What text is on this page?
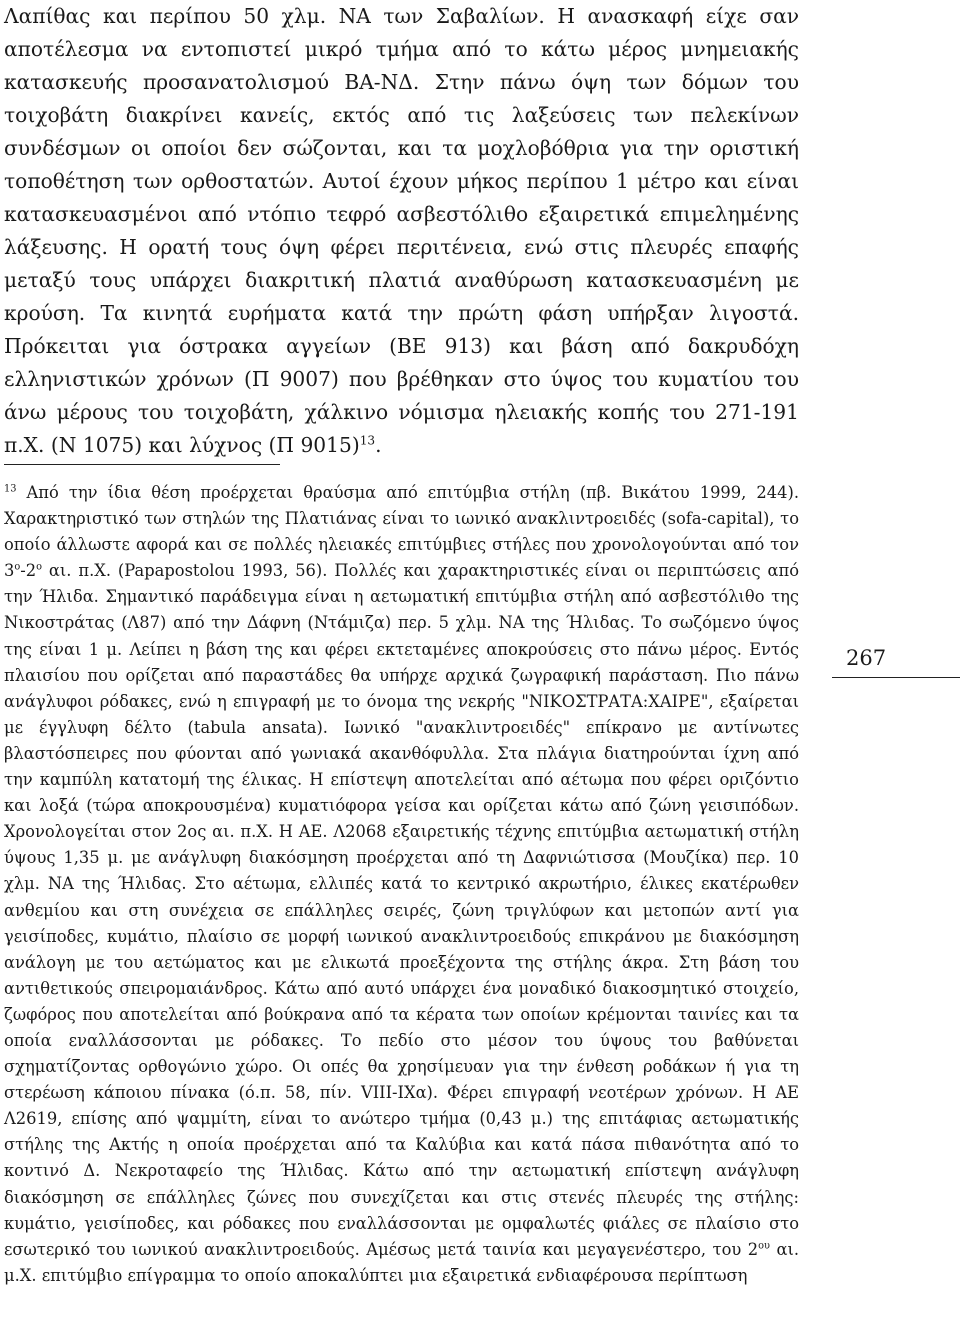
Λαπίθας και περίπου 50 χλμ. ΝΑ των Σαβαλίων. Η ανασκαφή είχε σαν αποτέλεσμα να εντοπιστεί μικρό τμήμα από το κάτω μέρος μνημειακής κατασκευής προσανατολισμού ΒΑ-ΝΔ. Στην πάνω όψη των δόμων του τοιχοβάτη διακρίνει κανείς, εκτός από τις λαξεύσεις των πελεκίνων συνδέσμων οι οποίοι δεν σώζονται, και τα μοχλοβόθρια για την οριστική τοποθέτηση των ορθοστατών. Αυτοί έχουν μήκος περίπου 1 μέτρο και είναι κατασκευασμένοι από ντόπιο τεφρό ασβεστόλιθο εξαιρετικά επιμελημένης λάξευσης. Η ορατή τους όψη φέρει περιτένεια, ενώ στις πλευρές επαφής μεταξύ τους υπάρχει διακριτική πλατιά αναθύρωση κατασκευασμένη με κρούση. Τα κινητά ευρήματα κατά την πρώτη φάση υπήρξαν λιγοστά. Πρόκειται για όστρακα αγγείων (ΒΕ 913) και βάση από δακρυδόχη ελληνιστικών χρόνων (Π 9007) που βρέθηκαν στο ύψος του κυματίου του άνω μέρους του τοιχοβάτη, χάλκινο νόμισμα ηλειακής κοπής του 271-191 π.Χ. (Ν 1075) και λύχνος (Π 9015)$^{13}$.

$^{13}$ Από την ίδια θέση προέρχεται θραύσμα από επιτύμβια στήλη (πβ. Βικάτου 1999, 244). Χαρακτηριστικό των στηλών της Πλατιάνας είναι το ιωνικό ανακλιντροειδές (sofa-capital), το οποίο άλλωστε αφορά και σε πολλές ηλειακές επιτύμβιες στήλες που χρονολογούνται από τον $3^o-2^o$ αι. π.Χ. (Papapostolou 1993, 56). Πολλές και χαρακτηριστικές είναι οι περιπτώσεις από την Ήλιδα. Σημαντικό παράδειγμα είναι η αετωματική επιτύμβια στήλη από ασβεστόλιθο της Νικοστράτας (Λ87) από την Δάφνη (Ντάμιζα) περ. 5 χλμ. ΝΑ της Ήλιδας. Το σωζόμενο ύψος της είναι 1 μ. Λείπει η βάση της και φέρει εκτεταμένες αποκρούσεις στο πάνω μέρος. Εντός πλαισίου που ορίζεται από παραστάδες θα υπήρχε αρχικά ζωγραφική παράσταση. Πιο πάνω ανάγλυφοι ρόδακες, ενώ η επιγραφή με το όνομα της νεκρής "ΝΙΚΟΣΤΡΑΤΑ:ΧΑΙΡΕ", εξαίρεται με έγγλυφη δέλτο (tabula ansata). Ιωνικό "ανακλιντροειδές" επίκρανο με αντίνωτες βλαστόσπειρες που φύονται από γωνιακά ακανθόφυλλα. Στα πλάγια διατηρούνται ίχνη από την καμπύλη κατατομή της έλικας. Η επίστεψη αποτελείται από αέτωμα που φέρει οριζόντιο και λοξά (τώρα αποκρουσμένα) κυματιόφορα γείσα και ορίζεται κάτω από ζώνη γεισιπόδων. Χρονολογείται στον 2ος αι. π.Χ. Η ΑΕ. Λ2068 εξαιρετικής τέχνης επιτύμβια αετωματική στήλη ύψους 1,35 μ. με ανάγλυφη διακόσμηση προέρχεται από τη Δαφνιώτισσα (Μουζίκα) περ. 10 χλμ. ΝΑ της Ήλιδας. Στο αέτωμα, ελλιπές κατά το κεντρικό ακρωτήριο, έλικες εκατέρωθεν ανθεμίου και στη συνέχεια σε επάλληλες σειρές, ζώνη τριγλύφων και μετοπών αντί για γεισίποδες, κυμάτιο, πλαίσιο σε μορφή ιωνικού ανακλιντροειδούς επικράνου με διακόσμηση ανάλογη με του αετώματος και με ελικωτά προεξέχοντα της στήλης άκρα. Στη βάση του αντιθετικούς σπειρομαιάνδρος. Κάτω από αυτό υπάρχει ένα μοναδικό διακοσμητικό στοιχείο, ζωφόρος που αποτελείται από βούκρανα από τα κέρατα των οποίων κρέμονται ταινίες και τα οποία εναλλάσσονται με ρόδακες. Το πεδίο στο μέσον του ύψους του βαθύνεται σχηματίζοντας ορθογώνιο χώρο. Οι οπές θα χρησίμευαν για την ένθεση ροδάκων ή για τη στερέωση κάποιου πίνακα (ό.π. 58, πίν. VIII-IXα). Φέρει επιγραφή νεοτέρων χρόνων. Η ΑΕ Λ2619, επίσης από ψαμμίτη, είναι το ανώτερο τμήμα (0,43 μ.) της επιτάφιας αετωματικής στήλης της Ακτής η οποία προέρχεται από τα Καλύβια και κατά πάσα πιθανότητα από το κοντινό Δ. Νεκροταφείο της Ήλιδας. Κάτω από την αετωματική επίστεψη ανάγλυφη διακόσμηση σε επάλληλες ζώνες που συνεχίζεται και στις στενές πλευρές της στήλης: κυμάτιο, γεισίποδες, και ρόδακες που εναλλάσσονται με ομφαλωτές φιάλες σε πλαίσιο στο εσωτερικό του ιωνικού ανακλιντροειδούς. Αμέσως μετά ταινία και μεγαγενέστερο, του $2^{o\upsilon}$ αι. μ.Χ. επιτύμβιο επίγραμμα το οποίο αποκαλύπτει μια εξαιρετικά ενδιαφέρουσα περίπτωση

267
